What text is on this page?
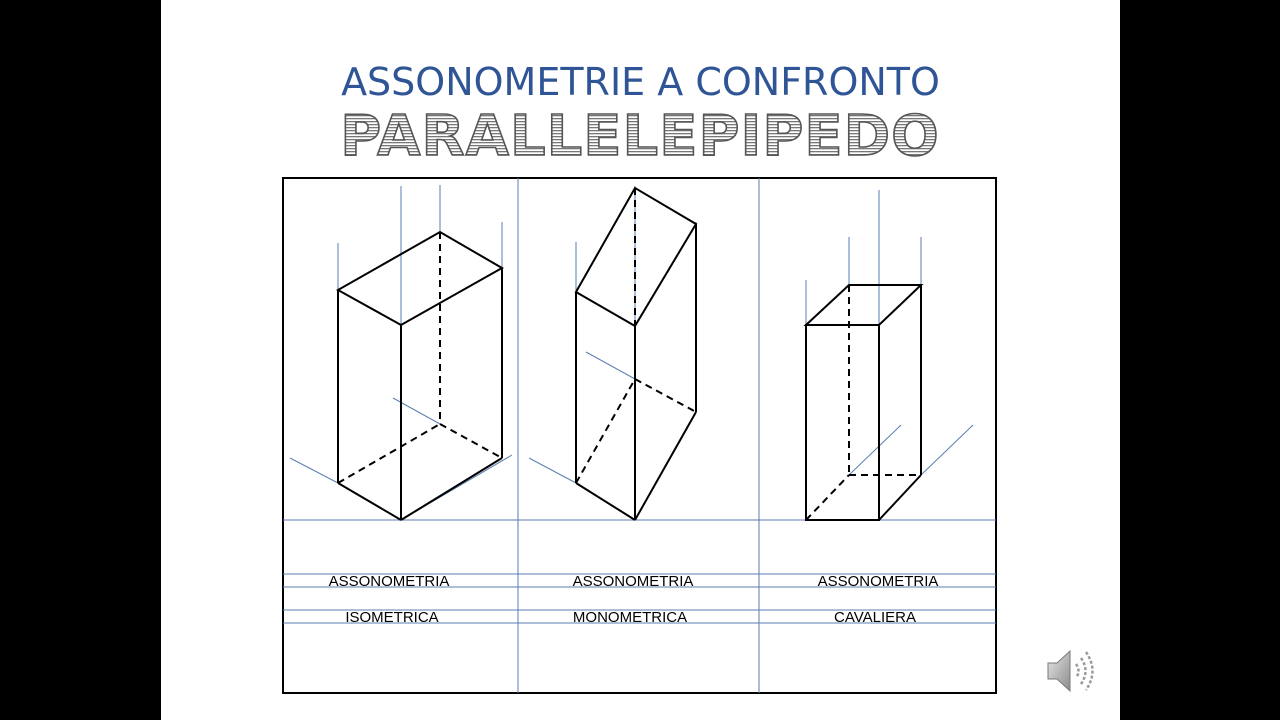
ASSONOMETRIE A CONFRONTO
PARALLELEPIPEDO
ASSONOMETRIA
ISOMETRICA
ASSONOMETRIA
MONOMETRICA
ASSONOMETRIA
CAVALIERA
